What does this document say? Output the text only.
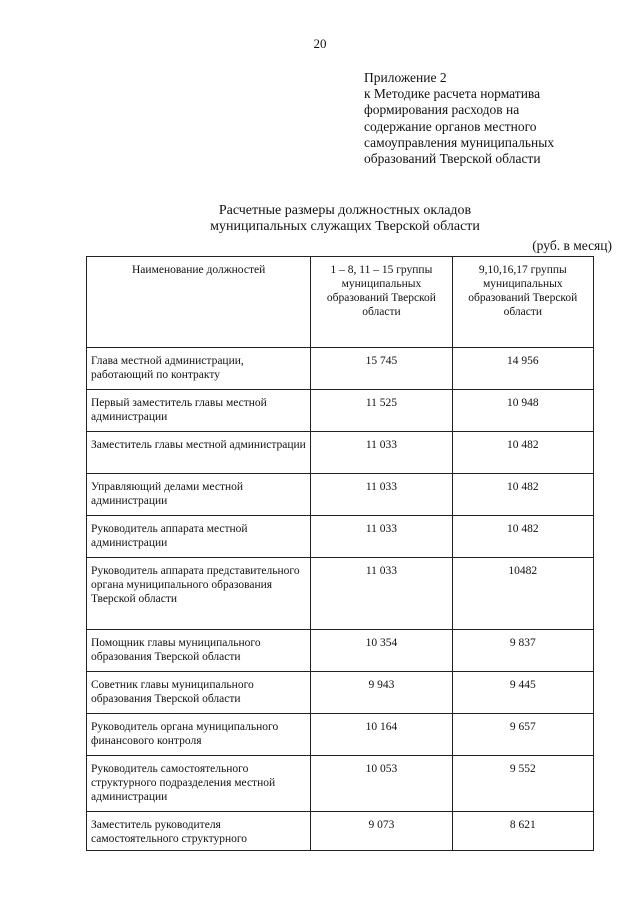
20
Приложение 2
к Методике расчета норматива
формирования расходов на
содержание органов местного
самоуправления муниципальных
образований Тверской области
Расчетные размеры должностных окладов
муниципальных служащих Тверской области
(руб. в месяц)
Наименование должностей	1 – 8, 11 – 15 группы муниципальных образований Тверской области	9,10,16,17 группы муниципальных образований Тверской области
Глава местной администрации, работающий по контракту	15 745	14 956
Первый заместитель главы местной администрации	11 525	10 948
Заместитель главы местной администрации	11 033	10 482
Управляющий делами местной администрации	11 033	10 482
Руководитель аппарата местной администрации	11 033	10 482
Руководитель аппарата представительного органа муниципального образования Тверской области	11 033	10482
Помощник главы муниципального образования Тверской области	10 354	9 837
Советник главы муниципального образования Тверской области	9 943	9 445
Руководитель органа муниципального финансового контроля	10 164	9 657
Руководитель самостоятельного структурного подразделения местной администрации	10 053	9 552
Заместитель руководителя самостоятельного структурного	9 073	8 621
